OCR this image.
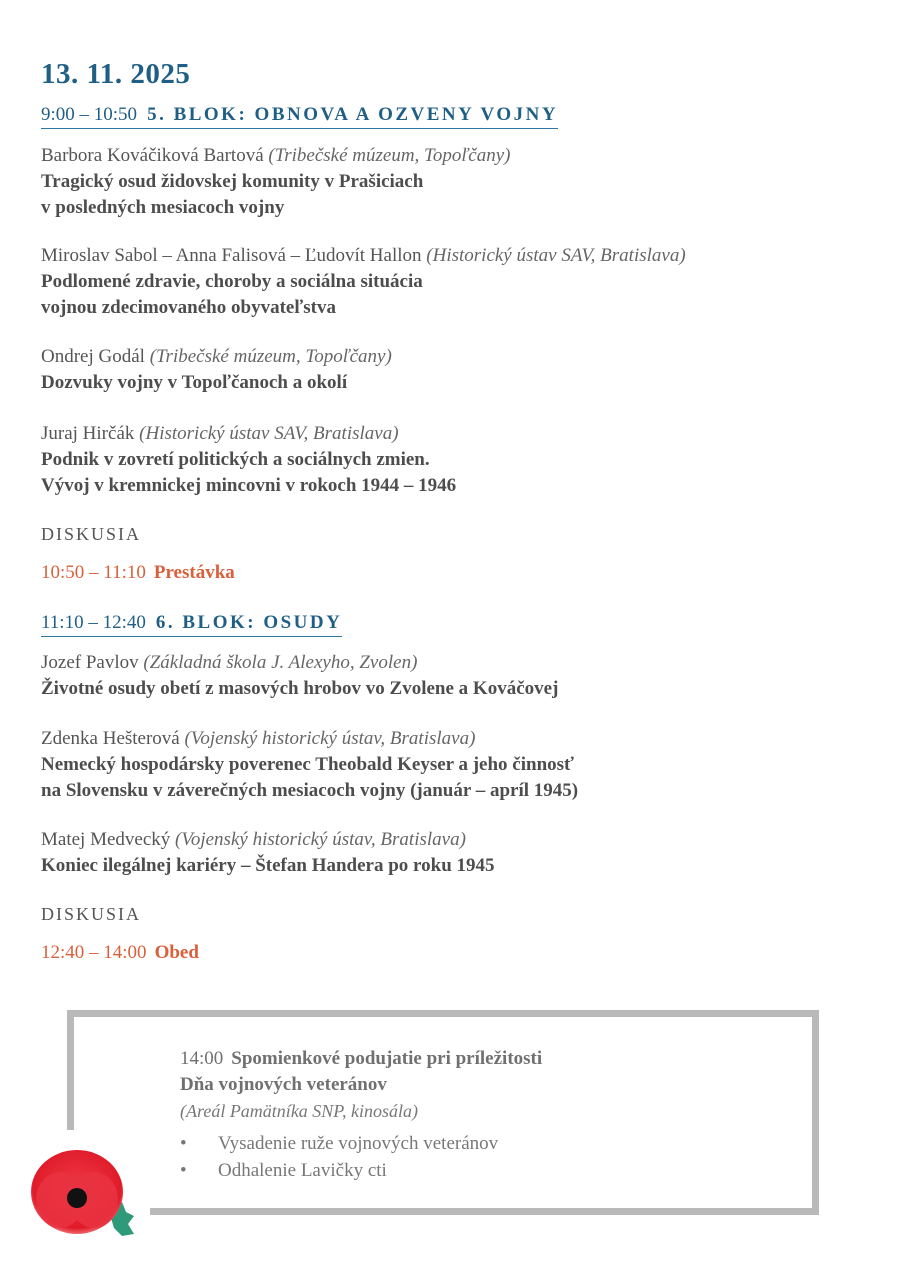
13. 11. 2025
9:00 – 10:50 5. BLOK: OBNOVA A OZVENY VOJNY
Barbora Kováčiková Bartová (Tribečské múzeum, Topoľčany)
Tragický osud židovskej komunity v Prašiciach
v posledných mesiacoch vojny
Miroslav Sabol – Anna Falisová – Ľudovít Hallon (Historický ústav SAV, Bratislava)
Podlomené zdravie, choroby a sociálna situácia
vojnou zdecimovaného obyvateľstva
Ondrej Godál (Tribečské múzeum, Topoľčany)
Dozvuky vojny v Topoľčanoch a okolí
Juraj Hirčák (Historický ústav SAV, Bratislava)
Podnik v zovretí politických a sociálnych zmien.
Vývoj v kremnickej mincovni v rokoch 1944 – 1946
DISKUSIA
10:50 – 11:10 Prestávka
11:10 – 12:40 6. BLOK: OSUDY
Jozef Pavlov (Základná škola J. Alexyho, Zvolen)
Životné osudy obetí z masových hrobov vo Zvolene a Kováčovej
Zdenka Hešterová (Vojenský historický ústav, Bratislava)
Nemecký hospodársky poverenec Theobald Keyser a jeho činnosť
na Slovensku v záverečných mesiacoch vojny (január – apríl 1945)
Matej Medvecký (Vojenský historický ústav, Bratislava)
Koniec ilegálnej kariéry – Štefan Handera po roku 1945
DISKUSIA
12:40 – 14:00 Obed
14:00 Spomienkové podujatie pri príležitosti
Dňa vojnových veteránov
(Areál Pamätníka SNP, kinosála)
• Vysadenie ruže vojnových veteránov
• Odhalenie Lavičky cti
